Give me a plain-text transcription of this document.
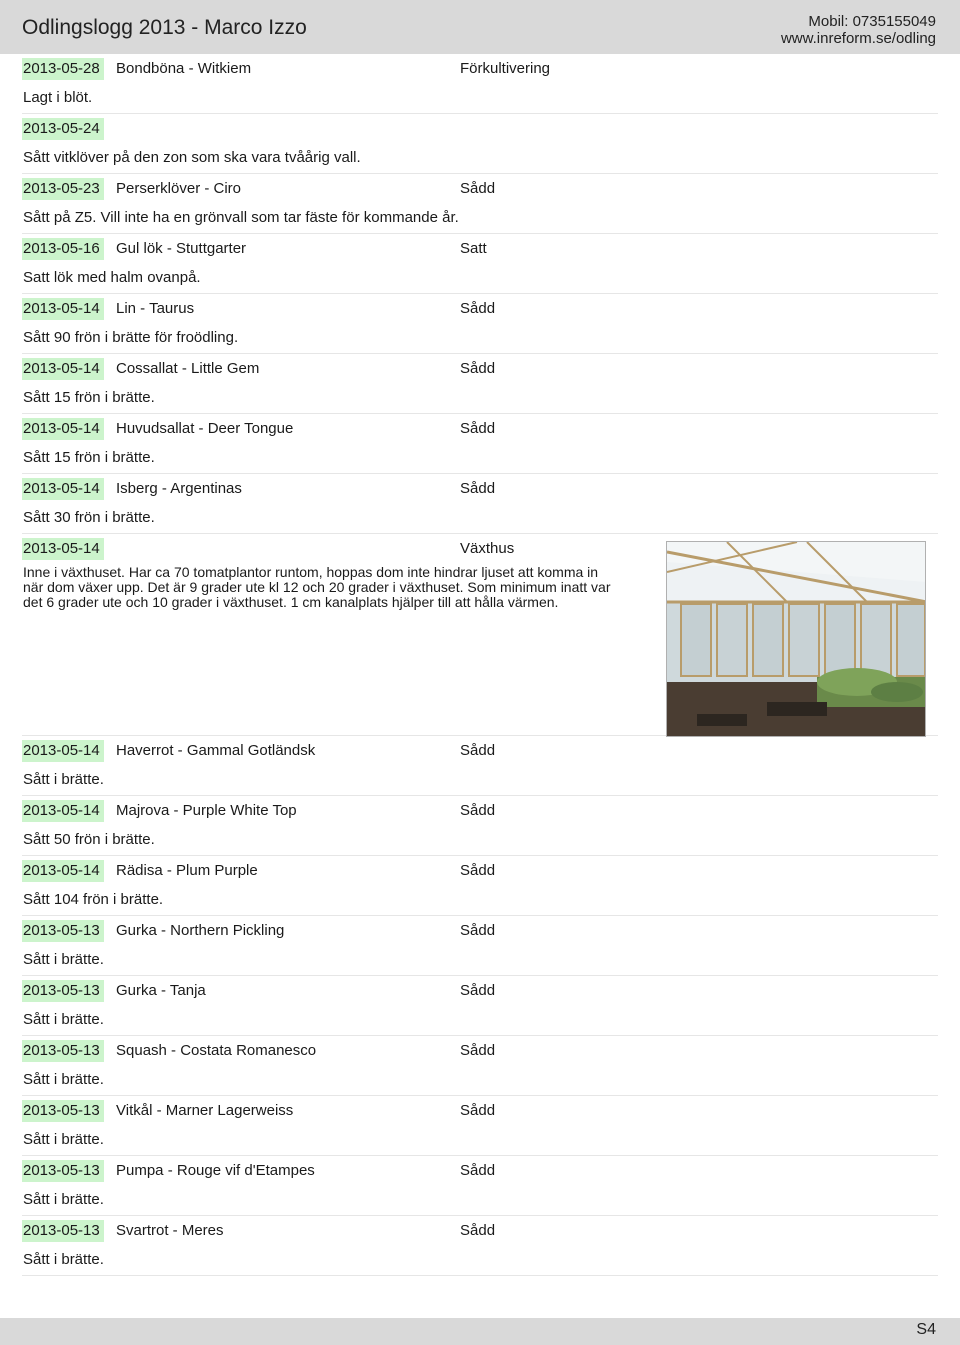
Odlingslogg 2013 - Marco Izzo	Mobil: 0735155049
www.inreform.se/odling
2013-05-28 Bondböna - Witkiem	Förkultivering
Lagt i blöt.
2013-05-24
Sått vitklöver på den zon som ska vara tvåårig vall.
2013-05-23 Perserklöver - Ciro	Sådd
Sått på Z5. Vill inte ha en grönvall som tar fäste för kommande år.
2013-05-16 Gul lök - Stuttgarter	Satt
Satt lök med halm ovanpå.
2013-05-14 Lin - Taurus	Sådd
Sått 90 frön i brätte för froödling.
2013-05-14 Cossallat - Little Gem	Sådd
Sått 15 frön i brätte.
2013-05-14 Huvudsallat - Deer Tongue	Sådd
Sått 15 frön i brätte.
2013-05-14 Isberg - Argentinas	Sådd
Sått 30 frön i brätte.
2013-05-14	Växthus
Inne i växthuset. Har ca 70 tomatplantor runtom, hoppas dom inte hindrar ljuset att komma in när dom växer upp. Det är 9 grader ute kl 12 och 20 grader i växthuset. Som minimum inatt var det 6 grader ute och 10 grader i växthuset. 1 cm kanalplats hjälper till att hålla värmen.
2013-05-14 Haverrot - Gammal Gotländsk	Sådd
Sått i brätte.
2013-05-14 Majrova - Purple White Top	Sådd
Sått 50 frön i brätte.
2013-05-14 Rädisa - Plum Purple	Sådd
Sått 104 frön i brätte.
2013-05-13 Gurka - Northern Pickling	Sådd
Sått i brätte.
2013-05-13 Gurka - Tanja	Sådd
Sått i brätte.
2013-05-13 Squash - Costata Romanesco	Sådd
Sått i brätte.
2013-05-13 Vitkål - Marner Lagerweiss	Sådd
Sått i brätte.
2013-05-13 Pumpa - Rouge vif d'Etampes	Sådd
Sått i brätte.
2013-05-13 Svartrot - Meres	Sådd
Sått i brätte.
S4
